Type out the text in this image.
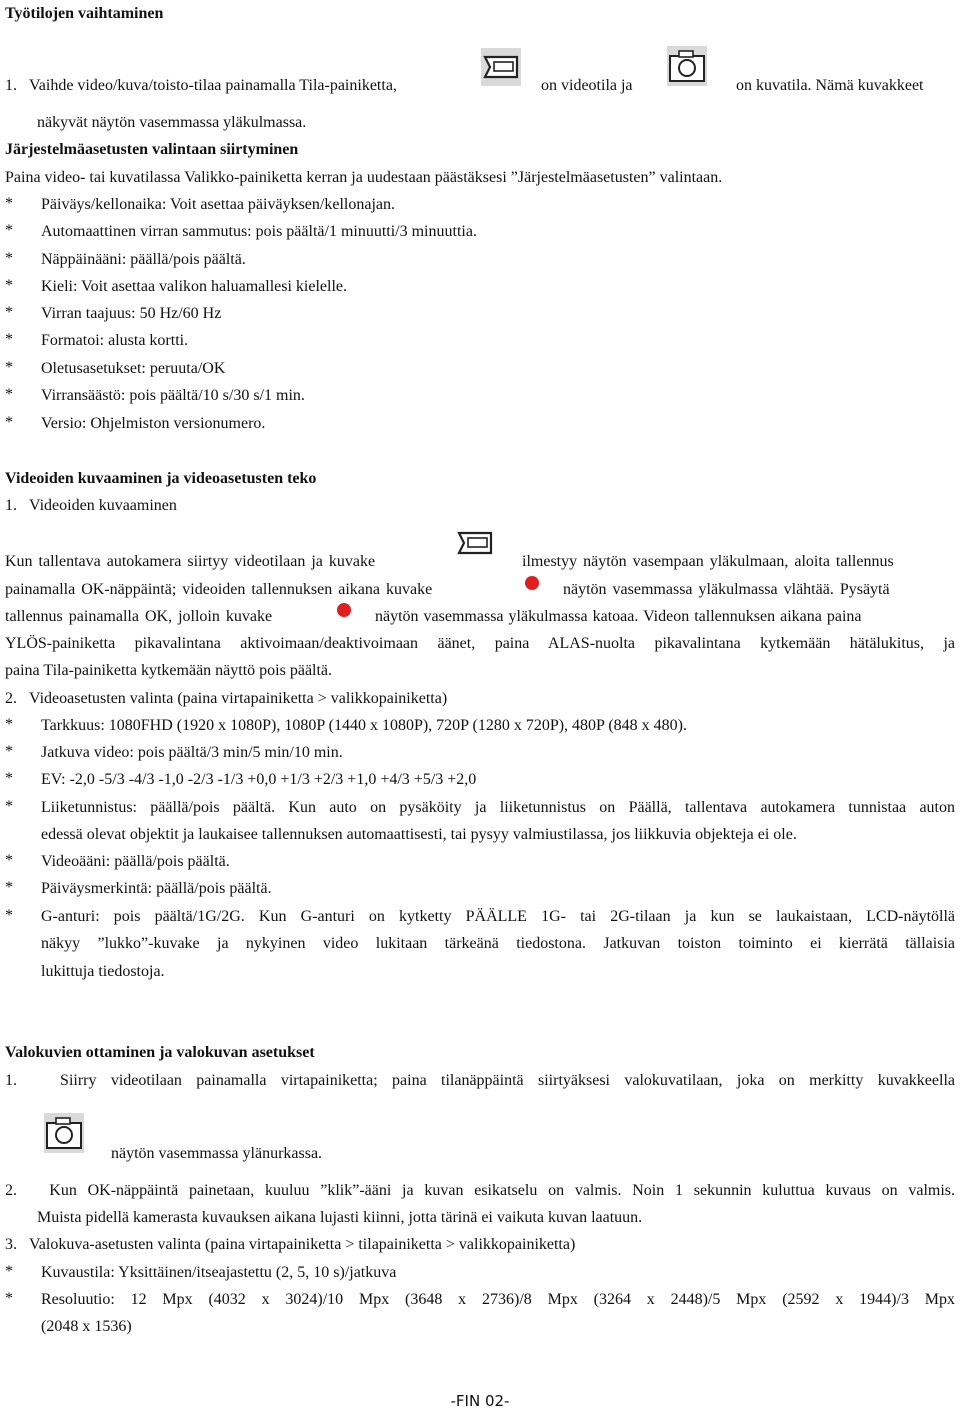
Työtilojen vaihtaminen
1.   Vaihde video/kuva/toisto-tilaa painamalla Tila-painiketta,	on videotila ja	on kuvatila. Nämä kuvakkeet
näkyvät näytön vasemmassa yläkulmassa.
Järjestelmäasetusten valintaan siirtyminen
Paina video- tai kuvatilassa Valikko-painiketta kerran ja uudestaan päästäksesi ”Järjestelmäasetusten” valintaan.
* Päiväys/kellonaika: Voit asettaa päiväyksen/kellonajan.
* Automaattinen virran sammutus: pois päältä/1 minuutti/3 minuuttia.
* Näppäinääni: päällä/pois päältä.
* Kieli: Voit asettaa valikon haluamallesi kielelle.
* Virran taajuus: 50 Hz/60 Hz
* Formatoi: alusta kortti.
* Oletusasetukset: peruuta/OK
* Virransäästö: pois päältä/10 s/30 s/1 min.
* Versio: Ohjelmiston versionumero.
Videoiden kuvaaminen ja videoasetusten teko
1.   Videoiden kuvaaminen
Kun tallentava autokamera siirtyy videotilaan ja kuvake	ilmestyy näytön vasempaan yläkulmaan, aloita tallennus
painamalla OK-näppäintä; videoiden tallennuksen aikana kuvake	näytön vasemmassa yläkulmassa vlähtää. Pysäytä
tallennus painamalla OK, jolloin kuvake	näytön vasemmassa yläkulmassa katoaa. Videon tallennuksen aikana paina
YLÖS-painiketta pikavalintana aktivoimaan/deaktivoimaan äänet, paina ALAS-nuolta pikavalintana kytkemään hätälukitus, ja
paina Tila-painiketta kytkemään näyttö pois päältä.
2.   Videoasetusten valinta (paina virtapainiketta > valikkopainiketta)
* Tarkkuus: 1080FHD (1920 x 1080P), 1080P (1440 x 1080P), 720P (1280 x 720P), 480P (848 x 480).
* Jatkuva video: pois päältä/3 min/5 min/10 min.
* EV: -2,0 -5/3 -4/3 -1,0 -2/3 -1/3 +0,0 +1/3 +2/3 +1,0 +4/3 +5/3 +2,0
* Liiketunnistus: päällä/pois päältä. Kun auto on pysäköity ja liiketunnistus on Päällä, tallentava autokamera tunnistaa auton
edessä olevat objektit ja laukaisee tallennuksen automaattisesti, tai pysyy valmiustilassa, jos liikkuvia objekteja ei ole.
* Videoääni: päällä/pois päältä.
* Päiväysmerkintä: päällä/pois päältä.
* G-anturi: pois päältä/1G/2G. Kun G-anturi on kytketty PÄÄLLE 1G- tai 2G-tilaan ja kun se laukaistaan, LCD-näytöllä
näkyy ”lukko”-kuvake ja nykyinen video lukitaan tärkeänä tiedostona. Jatkuvan toiston toiminto ei kierrätä tällaisia
lukittuja tiedostoja.
Valokuvien ottaminen ja valokuvan asetukset
1.   Siirry videotilaan painamalla virtapainiketta; paina tilanäppäintä siirtyäksesi valokuvatilaan, joka on merkitty kuvakkeella
näytön vasemmassa ylänurkassa.
2.   Kun OK-näppäintä painetaan, kuuluu ”klik”-ääni ja kuvan esikatselu on valmis. Noin 1 sekunnin kuluttua kuvaus on valmis.
Muista pidellä kamerasta kuvauksen aikana lujasti kiinni, jotta tärinä ei vaikuta kuvan laatuun.
3.   Valokuva-asetusten valinta (paina virtapainiketta > tilapainiketta > valikkopainiketta)
* Kuvaustila: Yksittäinen/itseajastettu (2, 5, 10 s)/jatkuva
* Resoluutio: 12 Mpx (4032 x 3024)/10 Mpx (3648 x 2736)/8 Mpx (3264 x 2448)/5 Mpx (2592 x 1944)/3 Mpx
(2048 x 1536)
-FIN 02-
